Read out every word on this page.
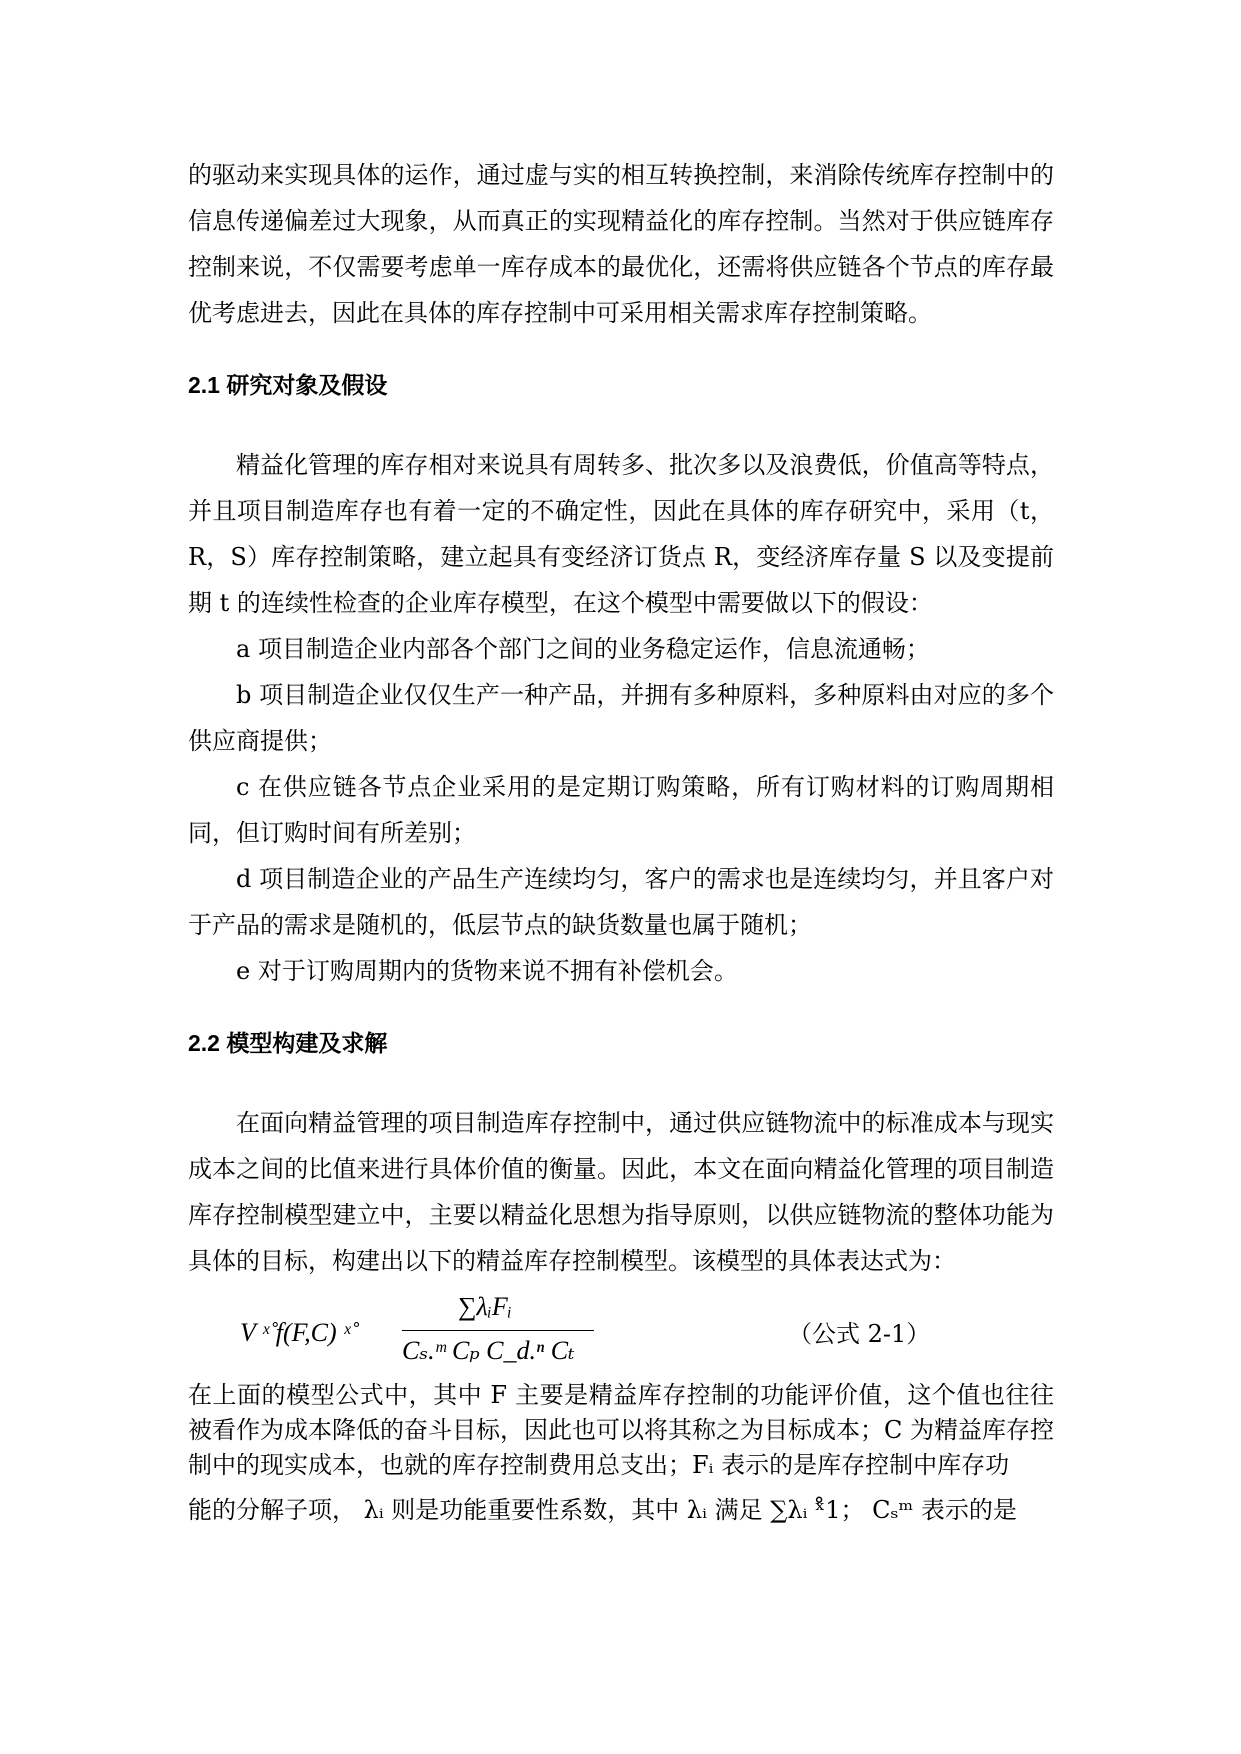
的驱动来实现具体的运作，通过虚与实的相互转换控制，来消除传统库存控制中的信息传递偏差过大现象，从而真正的实现精益化的库存控制。当然对于供应链库存控制来说，不仅需要考虑单一库存成本的最优化，还需将供应链各个节点的库存最优考虑进去，因此在具体的库存控制中可采用相关需求库存控制策略。

2.1 研究对象及假设

精益化管理的库存相对来说具有周转多、批次多以及浪费低，价值高等特点，并且项目制造库存也有着一定的不确定性，因此在具体的库存研究中，采用（t，R，S）库存控制策略，建立起具有变经济订货点 R，变经济库存量 S 以及变提前期 t 的连续性检查的企业库存模型，在这个模型中需要做以下的假设：

a 项目制造企业内部各个部门之间的业务稳定运作，信息流通畅；

b 项目制造企业仅仅生产一种产品，并拥有多种原料，多种原料由对应的多个供应商提供；

c 在供应链各节点企业采用的是定期订购策略，所有订购材料的订购周期相同，但订购时间有所差别；

d 项目制造企业的产品生产连续均匀，客户的需求也是连续均匀，并且客户对于产品的需求是随机的，低层节点的缺货数量也属于随机；

e 对于订购周期内的货物来说不拥有补偿机会。

2.2 模型构建及求解

在面向精益管理的项目制造库存控制中，通过供应链物流中的标准成本与现实成本之间的比值来进行具体价值的衡量。因此，本文在面向精益化管理的项目制造库存控制模型建立中，主要以精益化思想为指导原则，以供应链物流的整体功能为具体的目标，构建出以下的精益库存控制模型。该模型的具体表达式为：

V ˣ̊ f(F,C) ˣ̊
∑λᵢFᵢ
Cₛ.ᵐ Cₚ C_d.ⁿ Cₜ
（公式 2-1）

在上面的模型公式中，其中 F 主要是精益库存控制的功能评价值，这个值也往往被看作为成本降低的奋斗目标，因此也可以将其称之为目标成本；C 为精益库存控制中的现实成本，也就的库存控制费用总支出；Fᵢ 表示的是库存控制中库存功

能的分解子项， λᵢ 则是功能重要性系数，其中 λᵢ 满足 ∑λᵢ ˣ̊1； Cₛᵐ 表示的是
